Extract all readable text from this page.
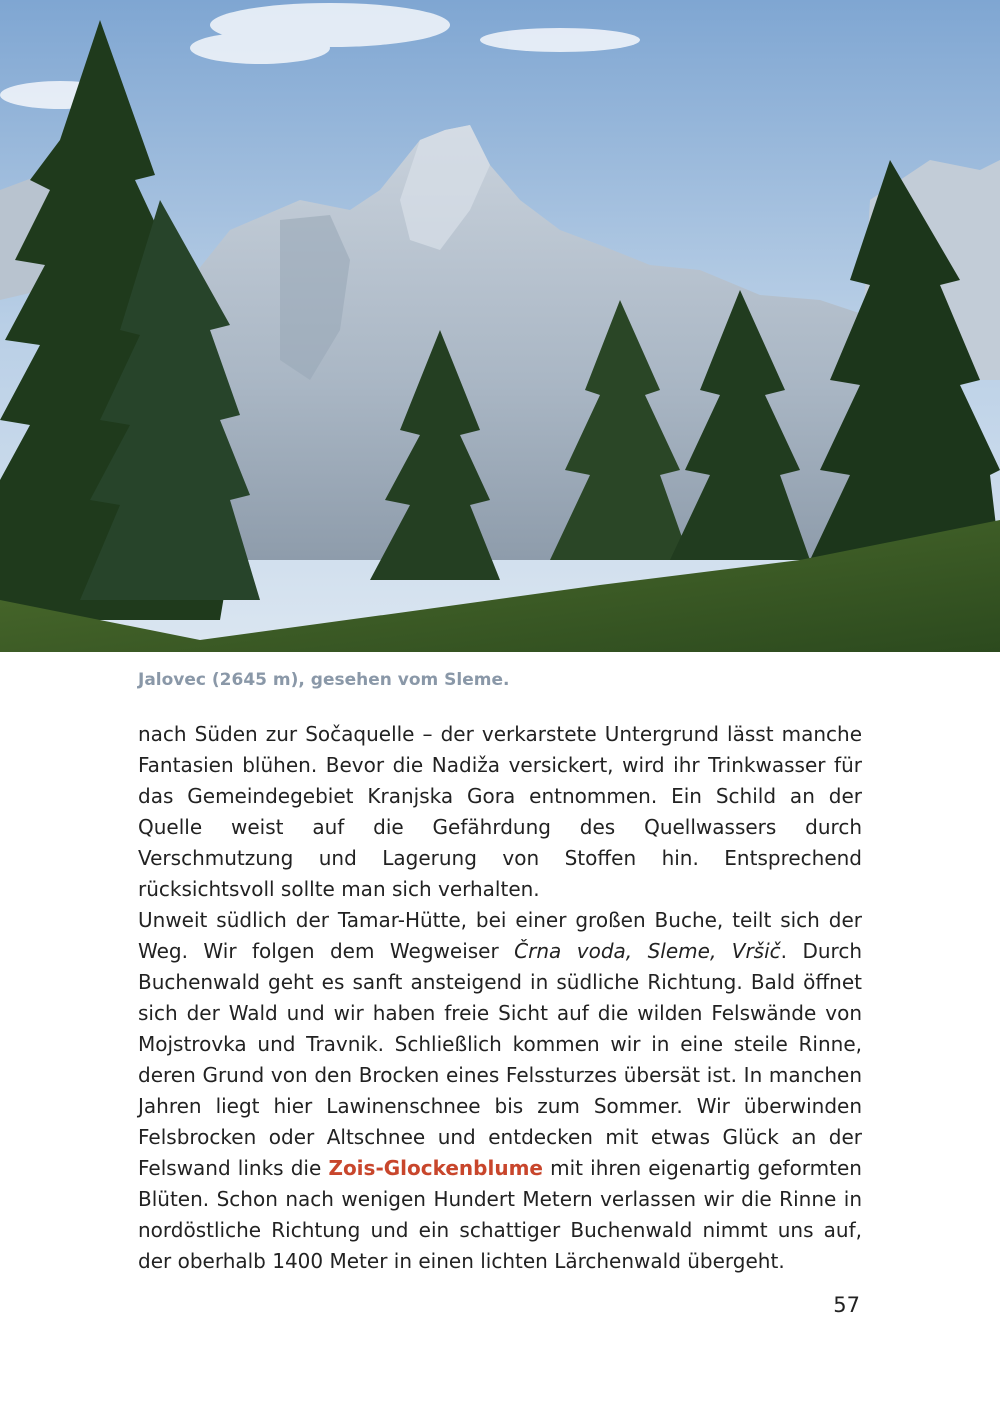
Jalovec (2645 m), gesehen vom Sleme.

nach Süden zur Sočaquelle – der verkarstete Untergrund lässt manche Fantasien blühen. Bevor die Nadiža versickert, wird ihr Trinkwasser für das Gemeindegebiet Kranjska Gora entnommen. Ein Schild an der Quelle weist auf die Gefährdung des Quellwassers durch Verschmutzung und Lagerung von Stoffen hin. Entsprechend rücksichtsvoll sollte man sich verhalten.

Unweit südlich der Tamar-Hütte, bei einer großen Buche, teilt sich der Weg. Wir folgen dem Wegweiser Črna voda, Sleme, Vršič. Durch Buchenwald geht es sanft ansteigend in südliche Richtung. Bald öffnet sich der Wald und wir haben freie Sicht auf die wilden Felswände von Mojstrovka und Travnik. Schließlich kommen wir in eine steile Rinne, deren Grund von den Brocken eines Felssturzes übersät ist. In manchen Jahren liegt hier Lawinenschnee bis zum Sommer. Wir überwinden Felsbrocken oder Altschnee und entdecken mit etwas Glück an der Felswand links die Zois-Glockenblume mit ihren eigenartig geformten Blüten. Schon nach wenigen Hundert Metern verlassen wir die Rinne in nordöstliche Richtung und ein schattiger Buchenwald nimmt uns auf, der oberhalb 1400 Meter in einen lichten Lärchenwald übergeht.

57
